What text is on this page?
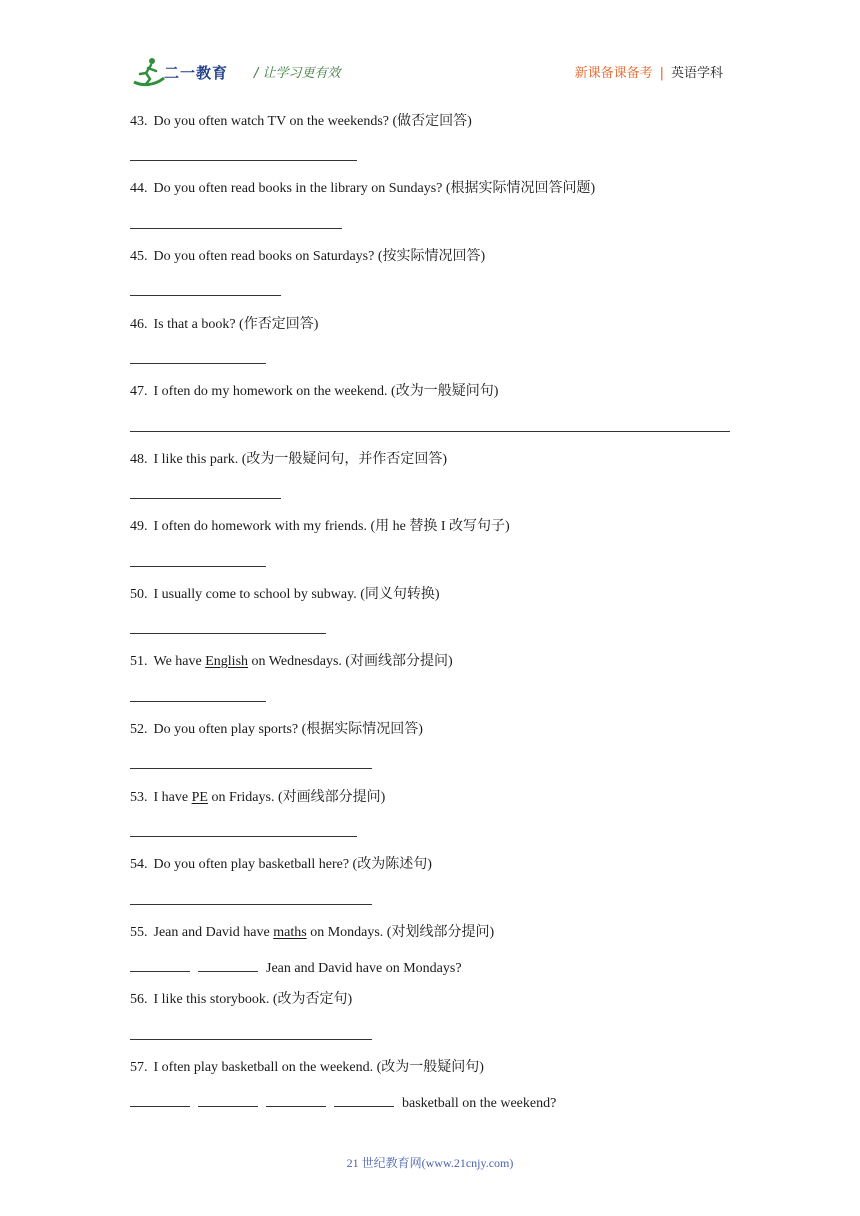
二一教育 / 让学习更有效	新课备课备考 | 英语学科
43. Do you often watch TV on the weekends? (做否定回答)
44. Do you often read books in the library on Sundays? (根据实际情况回答问题)
45. Do you often read books on Saturdays? (按实际情况回答)
46. Is that a book? (作否定回答)
47. I often do my homework on the weekend. (改为一般疑问句)
48. I like this park. (改为一般疑问句，并作否定回答)
49. I often do homework with my friends. (用 he 替换 I 改写句子)
50. I usually come to school by subway. (同义句转换)
51. We have English on Wednesdays. (对画线部分提问)
52. Do you often play sports? (根据实际情况回答)
53. I have PE on Fridays. (对画线部分提问)
54. Do you often play basketball here? (改为陈述句)
55. Jean and David have maths on Mondays. (对划线部分提问)
Jean and David have on Mondays?
56. I like this storybook. (改为否定句)
57. I often play basketball on the weekend. (改为一般疑问句)
basketball on the weekend?
21 世纪教育网(www.21cnjy.com)
